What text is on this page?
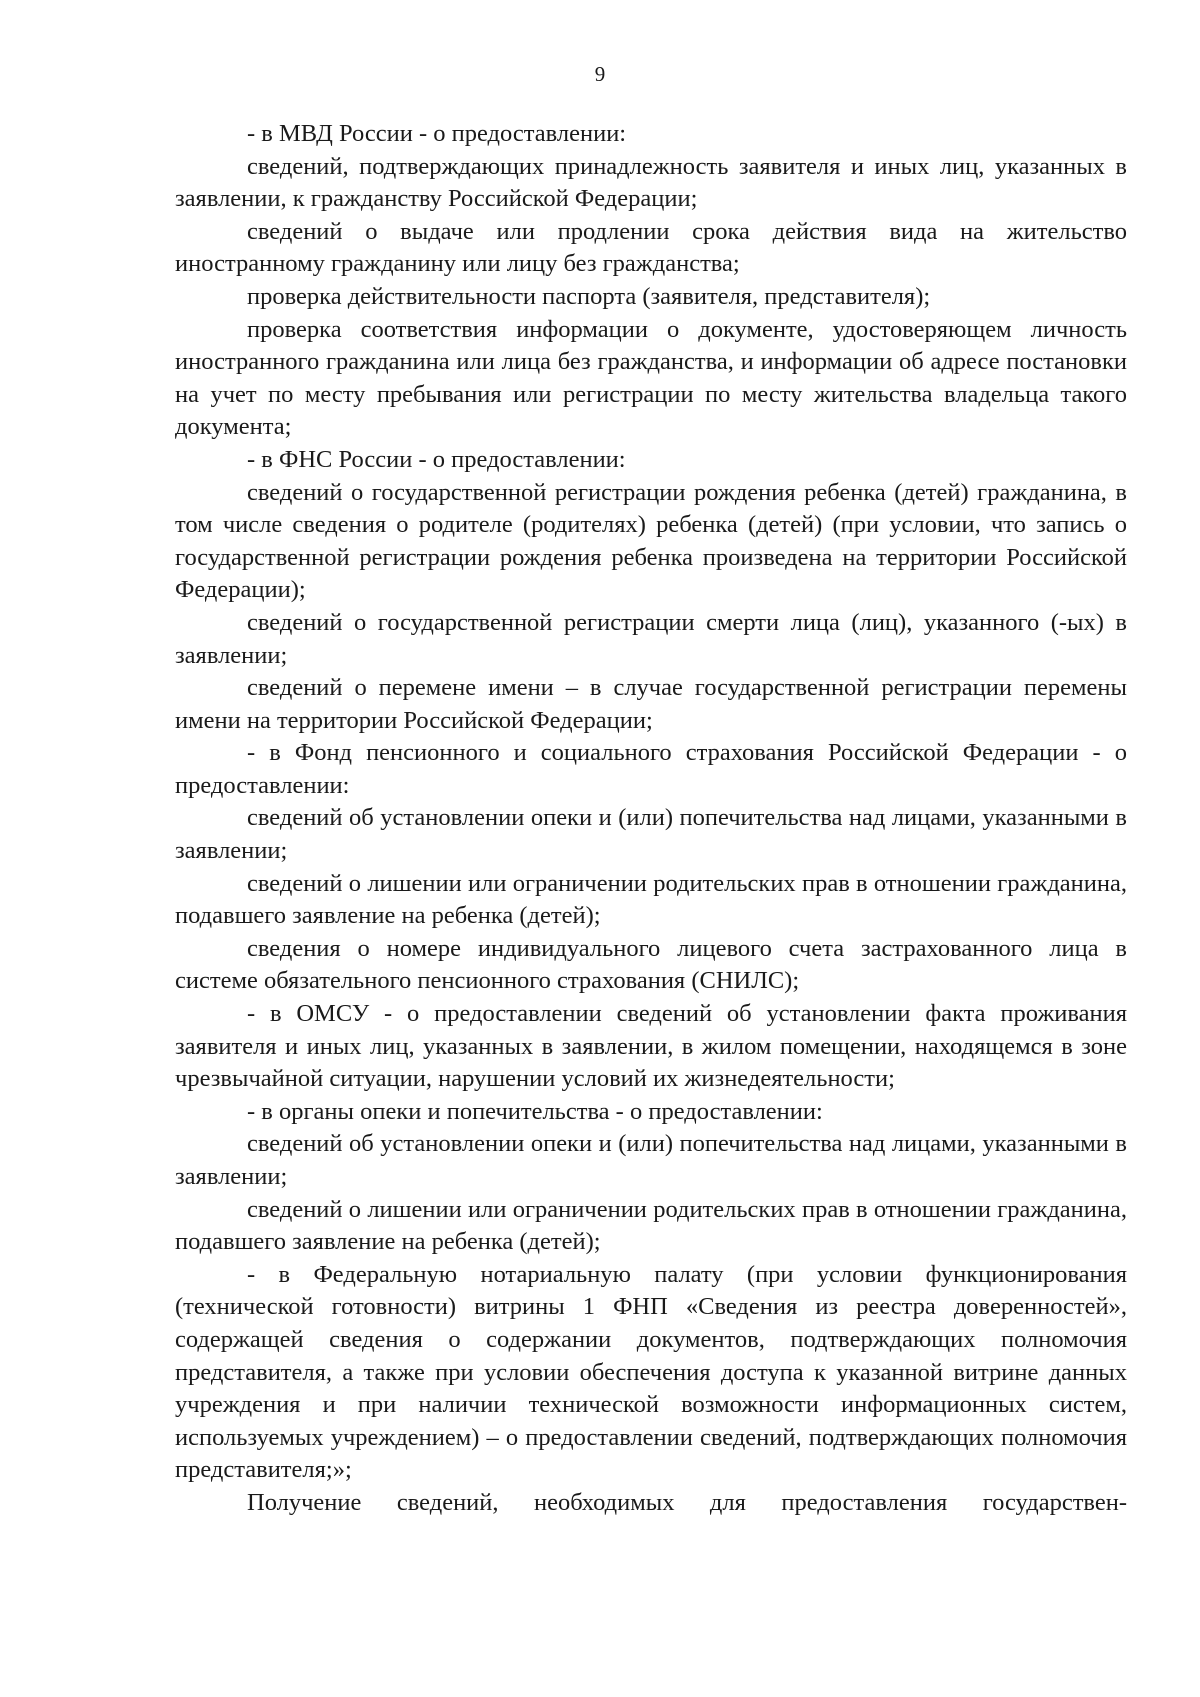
9

- в МВД России - о предоставлении:

сведений, подтверждающих принадлежность заявителя и иных лиц, указанных в заявлении, к гражданству Российской Федерации;

сведений о выдаче или продлении срока действия вида на жительство иностранному гражданину или лицу без гражданства;

проверка действительности паспорта (заявителя, представителя);

проверка соответствия информации о документе, удостоверяющем личность иностранного гражданина или лица без гражданства, и информации об адресе постановки на учет по месту пребывания или регистрации по месту жительства владельца такого документа;

- в ФНС России - о предоставлении:

сведений о государственной регистрации рождения ребенка (детей) гражданина, в том числе сведения о родителе (родителях) ребенка (детей) (при условии, что запись о государственной регистрации рождения ребенка произведена на территории Российской Федерации);

сведений о государственной регистрации смерти лица (лиц), указанного (-ых) в заявлении;

сведений о перемене имени – в случае государственной регистрации перемены имени на территории Российской Федерации;

- в Фонд пенсионного и социального страхования Российской Федерации - о предоставлении:

сведений об установлении опеки и (или) попечительства над лицами, указанными в заявлении;

сведений о лишении или ограничении родительских прав в отношении гражданина, подавшего заявление на ребенка (детей);

сведения о номере индивидуального лицевого счета застрахованного лица в системе обязательного пенсионного страхования (СНИЛС);

- в ОМСУ - о предоставлении сведений об установлении факта проживания заявителя и иных лиц, указанных в заявлении, в жилом помещении, находящемся в зоне чрезвычайной ситуации, нарушении условий их жизнедеятельности;

- в органы опеки и попечительства - о предоставлении:

сведений об установлении опеки и (или) попечительства над лицами, указанными в заявлении;

сведений о лишении или ограничении родительских прав в отношении гражданина, подавшего заявление на ребенка (детей);

- в Федеральную нотариальную палату (при условии функционирования (технической готовности) витрины 1 ФНП «Сведения из реестра доверенностей», содержащей сведения о содержании документов, подтверждающих полномочия представителя, а также при условии обеспечения доступа к указанной витрине данных учреждения и при наличии технической возможности информационных систем, используемых учреждением) – о предоставлении сведений, подтверждающих полномочия представителя;»;

Получение сведений, необходимых для предоставления государствен-
